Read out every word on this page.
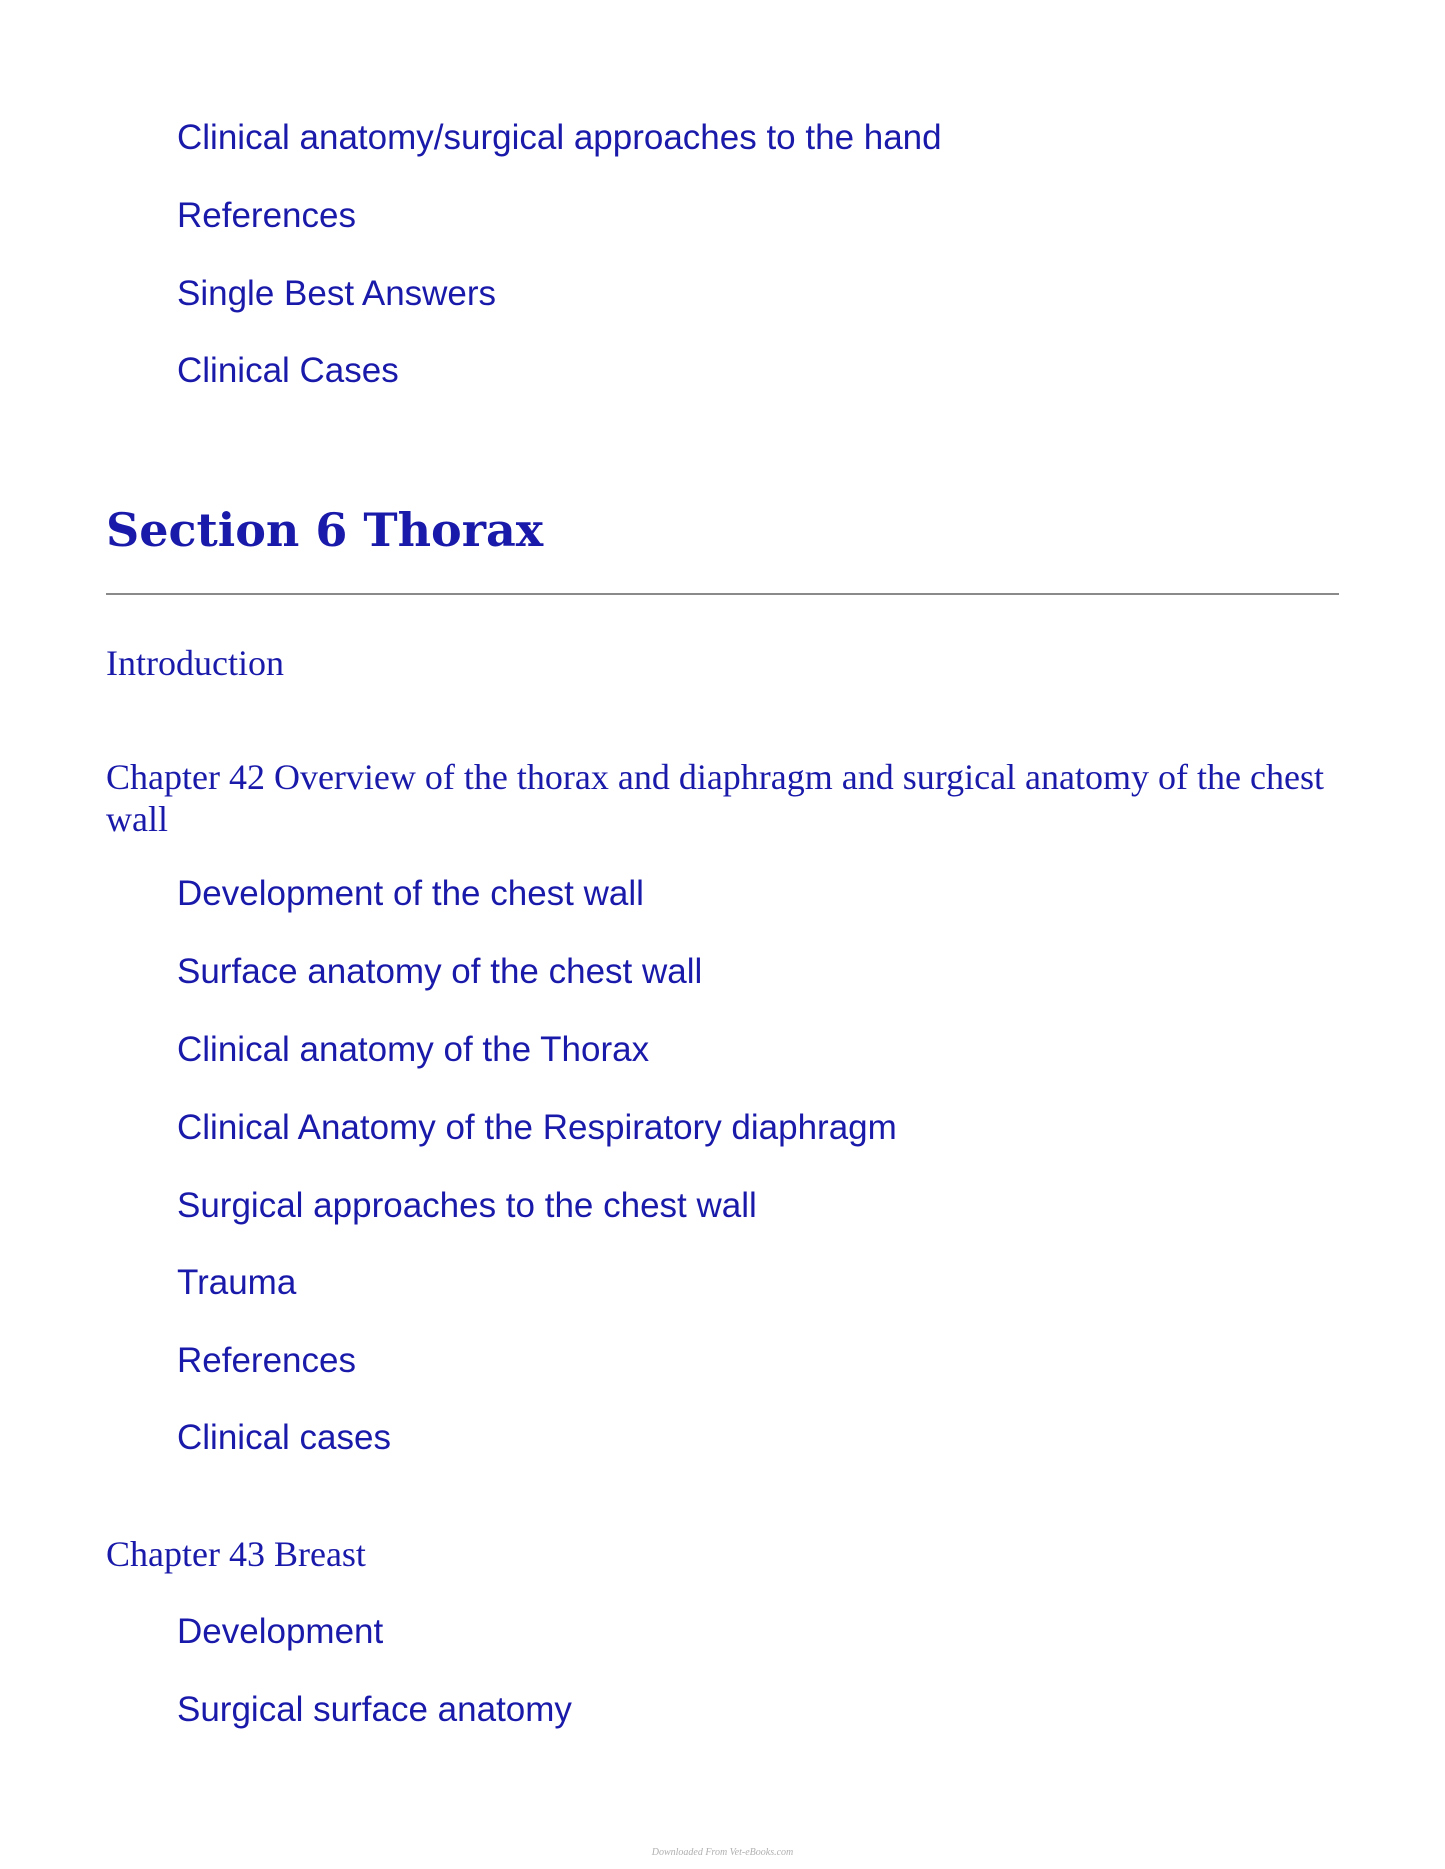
Clinical anatomy/surgical approaches to the hand
References
Single Best Answers
Clinical Cases
Section 6 Thorax
Introduction
Chapter 42 Overview of the thorax and diaphragm and surgical anatomy of the chest wall
Development of the chest wall
Surface anatomy of the chest wall
Clinical anatomy of the Thorax
Clinical Anatomy of the Respiratory diaphragm
Surgical approaches to the chest wall
Trauma
References
Clinical cases
Chapter 43 Breast
Development
Surgical surface anatomy
Downloaded From Vet-eBooks.com
